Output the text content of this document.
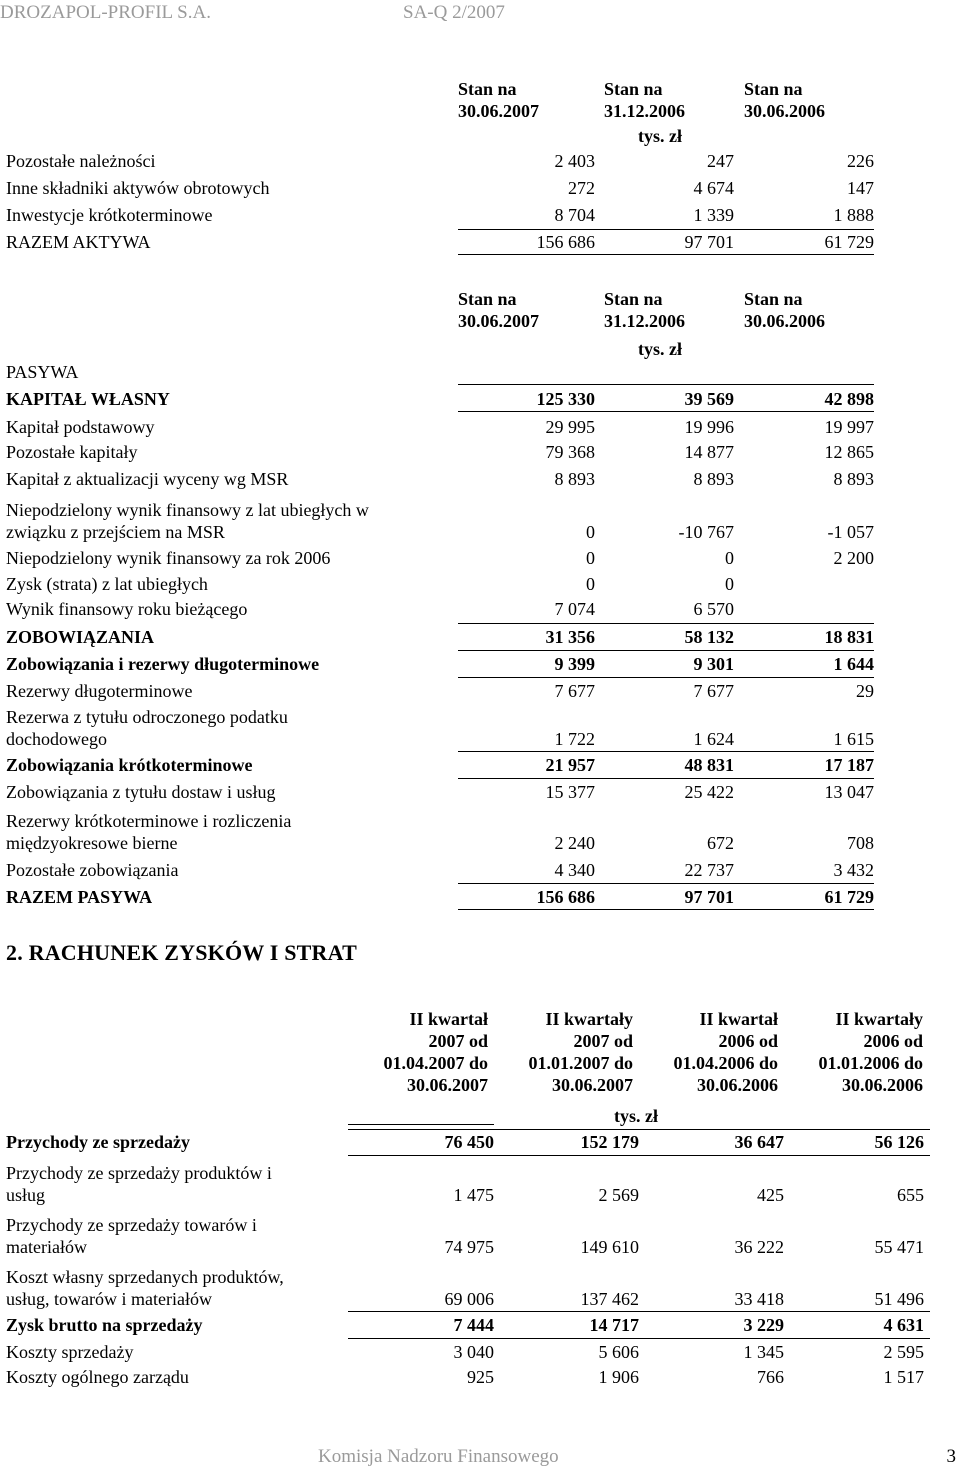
DROZAPOL-PROFIL S.A.	SA-Q 2/2007
Stan na
30.06.2007
Stan na
31.12.2006
Stan na
30.06.2006
tys. zł
Pozostałe należności	2 403	247	226
Inne składniki aktywów obrotowych	272	4 674	147
Inwestycje krótkoterminowe	8 704	1 339	1 888
RAZEM AKTYWA	156 686	97 701	61 729
Stan na
30.06.2007
Stan na
31.12.2006
Stan na
30.06.2006
tys. zł
PASYWA
KAPITAŁ WŁASNY	125 330	39 569	42 898
Kapitał podstawowy	29 995	19 996	19 997
Pozostałe kapitały	79 368	14 877	12 865
Kapitał z aktualizacji wyceny wg MSR	8 893	8 893	8 893
Niepodzielony wynik finansowy z lat ubiegłych w
związku z przejściem na MSR	0	-10 767	-1 057
Niepodzielony wynik finansowy za rok 2006	0	0	2 200
Zysk (strata) z lat ubiegłych	0	0
Wynik finansowy roku bieżącego	7 074	6 570
ZOBOWIĄZANIA	31 356	58 132	18 831
Zobowiązania i rezerwy długoterminowe	9 399	9 301	1 644
Rezerwy długoterminowe	7 677	7 677	29
Rezerwa z tytułu odroczonego podatku
dochodowego	1 722	1 624	1 615
Zobowiązania krótkoterminowe	21 957	48 831	17 187
Zobowiązania z tytułu dostaw i usług	15 377	25 422	13 047
Rezerwy krótkoterminowe i rozliczenia
międzyokresowe bierne	2 240	672	708
Pozostałe zobowiązania	4 340	22 737	3 432
RAZEM PASYWA	156 686	97 701	61 729
2. RACHUNEK ZYSKÓW I STRAT
II kwartał
2007 od
01.04.2007 do
30.06.2007
II kwartały
2007 od
01.01.2007 do
30.06.2007
II kwartał
2006 od
01.04.2006 do
30.06.2006
II kwartały
2006 od
01.01.2006 do
30.06.2006
tys. zł
Przychody ze sprzedaży	76 450	152 179	36 647	56 126
Przychody ze sprzedaży produktów i
usług	1 475	2 569	425	655
Przychody ze sprzedaży towarów i
materiałów	74 975	149 610	36 222	55 471
Koszt własny sprzedanych produktów,
usług, towarów i materiałów	69 006	137 462	33 418	51 496
Zysk brutto na sprzedaży	7 444	14 717	3 229	4 631
Koszty sprzedaży	3 040	5 606	1 345	2 595
Koszty ogólnego zarządu	925	1 906	766	1 517
Komisja Nadzoru Finansowego	3
